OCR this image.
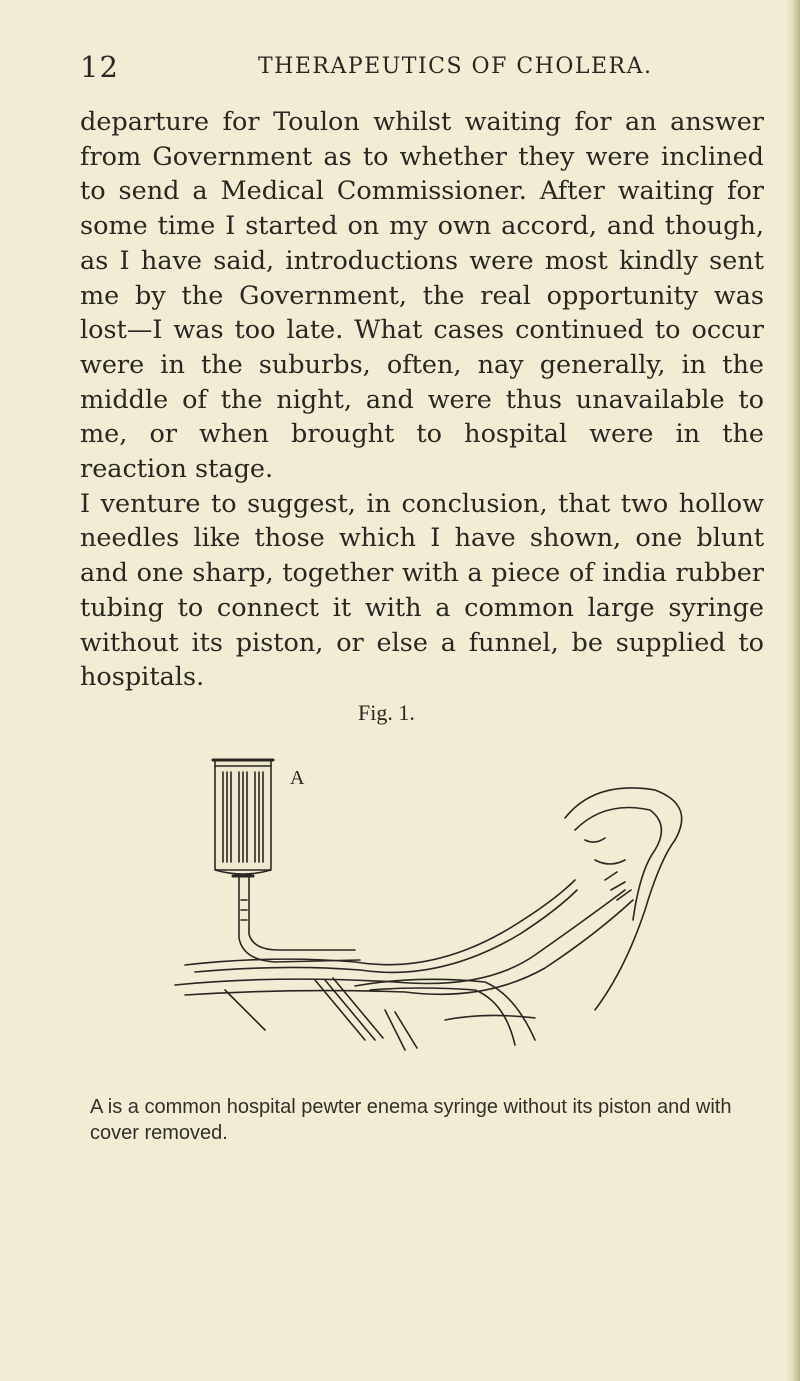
12	THERAPEUTICS OF CHOLERA.

departure for Toulon whilst waiting for an answer from Government as to whether they were inclined to send a Medical Commissioner. After waiting for some time I started on my own accord, and though, as I have said, introductions were most kindly sent me by the Government, the real opportunity was lost—I was too late. What cases continued to occur were in the suburbs, often, nay generally, in the middle of the night, and were thus unavailable to me, or when brought to hospital were in the reaction stage.

I venture to suggest, in conclusion, that two hollow needles like those which I have shown, one blunt and one sharp, together with a piece of india rubber tubing to connect it with a common large syringe without its piston, or else a funnel, be supplied to hospitals.

Fig. 1.
A
A is a common hospital pewter enema syringe without its piston and with cover removed.
